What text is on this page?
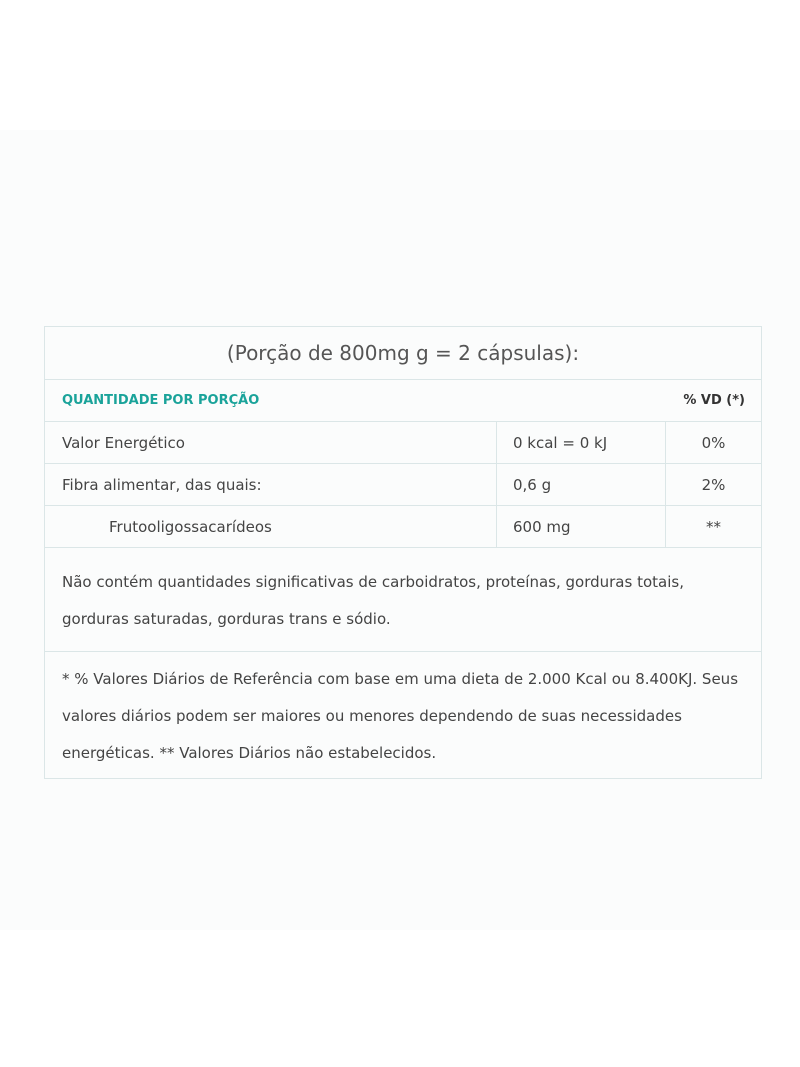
(Porção de 800mg g = 2 cápsulas):
QUANTIDADE POR PORÇÃO	% VD (*)
Valor Energético	0 kcal = 0 kJ	0%
Fibra alimentar, das quais:	0,6 g	2%
Frutooligossacarídeos	600 mg	**
Não contém quantidades significativas de carboidratos, proteínas, gorduras totais, gorduras saturadas, gorduras trans e sódio.
* % Valores Diários de Referência com base em uma dieta de 2.000 Kcal ou 8.400KJ. Seus valores diários podem ser maiores ou menores dependendo de suas necessidades energéticas. ** Valores Diários não estabelecidos.
